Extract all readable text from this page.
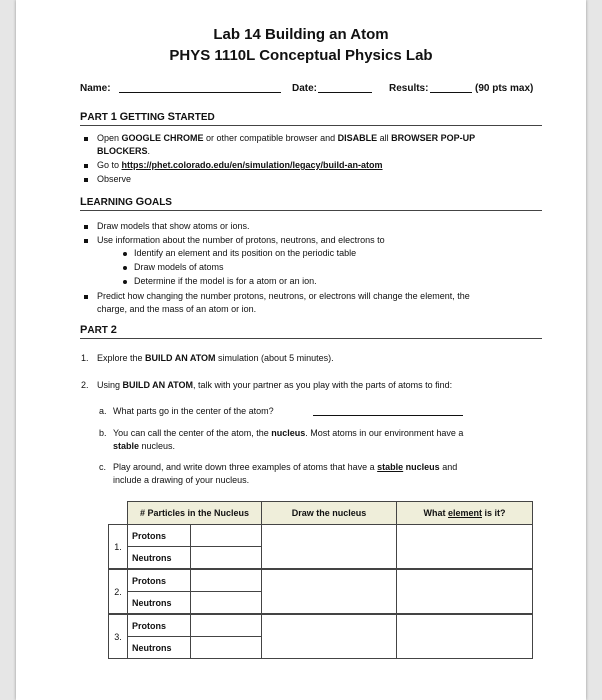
Lab 14 Building an Atom
PHYS 1110L Conceptual Physics Lab
Name:	Date:	Results:	(90 pts max)
PART 1 GETTING STARTED
Open GOOGLE CHROME or other compatible browser and DISABLE all BROWSER POP-UP
BLOCKERS.
Go to https://phet.colorado.edu/en/simulation/legacy/build-an-atom
Observe
LEARNING GOALS
Draw models that show atoms or ions.
Use information about the number of protons, neutrons, and electrons to
Identify an element and its position on the periodic table
Draw models of atoms
Determine if the model is for a atom or an ion.
Predict how changing the number protons, neutrons, or electrons will change the element, the
charge, and the mass of an atom or ion.
PART 2
1. Explore the BUILD AN ATOM simulation (about 5 minutes).
2. Using BUILD AN ATOM, talk with your partner as you play with the parts of atoms to find:
a. What parts go in the center of the atom?
b. You can call the center of the atom, the nucleus. Most atoms in our environment have a
stable nucleus.
c. Play around, and write down three examples of atoms that have a stable nucleus and
include a drawing of your nucleus.
	# Particles in the Nucleus		Draw the nucleus	What element is it?
1.	Protons			
	Neutrons			
2.	Protons			
	Neutrons			
3.	Protons			
	Neutrons			
